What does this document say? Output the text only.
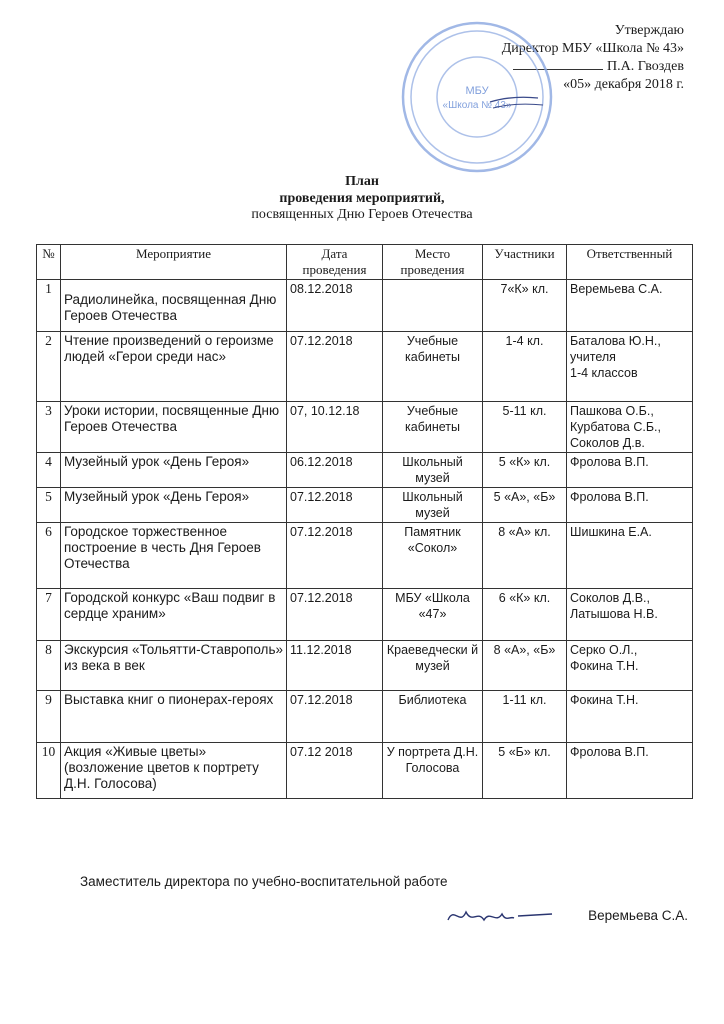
Утверждаю
Директор МБУ «Школа № 43»
П.А. Гвоздев
«05» декабря 2018 г.
МБУ
«Школа № 43»
План
проведения мероприятий,
посвященных Дню Героев Отечества
№	Мероприятие	Дата проведения	Место проведения	Участники	Ответственный
1	Радиолинейка, посвященная Дню Героев Отечества	08.12.2018		7«К» кл.	Веремьева С.А.
2	Чтение произведений о героизме людей «Герои среди нас»	07.12.2018	Учебные кабинеты	1-4 кл.	Баталова Ю.Н., учителя
1-4 классов
3	Уроки истории, посвященные Дню Героев Отечества	07, 10.12.18	Учебные кабинеты	5-11 кл.	Пашкова О.Б.,
Курбатова С.Б.,
Соколов Д.в.
4	Музейный урок «День Героя»	06.12.2018	Школьный музей	5 «К» кл.	Фролова В.П.
5	Музейный урок «День Героя»	07.12.2018	Школьный музей	5 «А», «Б»	Фролова В.П.
6	Городское торжественное построение в честь Дня Героев Отечества	07.12.2018	Памятник «Сокол»	8 «А» кл.	Шишкина Е.А.
7	Городской конкурс «Ваш подвиг в сердце храним»	07.12.2018	МБУ «Школа «47»	6 «К» кл.	Соколов Д.В.,
Латышова Н.В.
8	Экскурсия «Тольятти-Ставрополь» из века в век	11.12.2018	Краеведчески й музей	8 «А», «Б»	Серко О.Л.,
Фокина Т.Н.
9	Выставка книг о пионерах-героях	07.12.2018	Библиотека	1-11 кл.	Фокина Т.Н.
10	Акция «Живые цветы» (возложение цветов к портрету Д.Н. Голосова)	07.12 2018	У портрета Д.Н. Голосова	5 «Б» кл.	Фролова В.П.
Заместитель директора по учебно-воспитательной работе
Веремьева С.А.
